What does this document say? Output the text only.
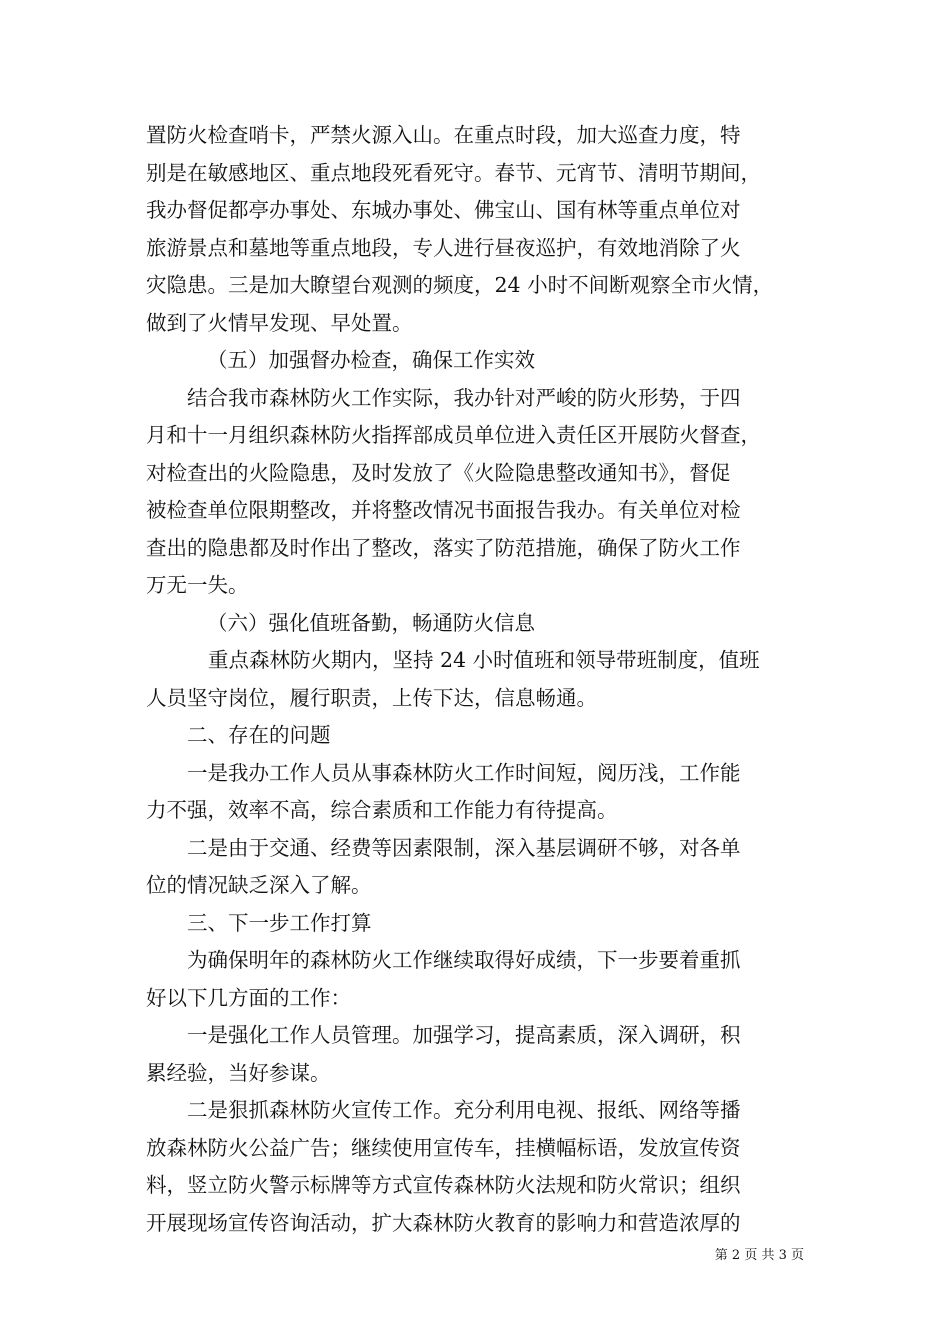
置防火检查哨卡，严禁火源入山。在重点时段，加大巡查力度，特
别是在敏感地区、重点地段死看死守。春节、元宵节、清明节期间，
我办督促都亭办事处、东城办事处、佛宝山、国有林等重点单位对
旅游景点和墓地等重点地段，专人进行昼夜巡护，有效地消除了火
灾隐患。三是加大瞭望台观测的频度，24 小时不间断观察全市火情，
做到了火情早发现、早处置。
（五）加强督办检查，确保工作实效
结合我市森林防火工作实际，我办针对严峻的防火形势，于四
月和十一月组织森林防火指挥部成员单位进入责任区开展防火督查，
对检查出的火险隐患，及时发放了《火险隐患整改通知书》，督促
被检查单位限期整改，并将整改情况书面报告我办。有关单位对检
查出的隐患都及时作出了整改，落实了防范措施，确保了防火工作
万无一失。
（六）强化值班备勤，畅通防火信息
重点森林防火期内，坚持 24 小时值班和领导带班制度，值班
人员坚守岗位，履行职责，上传下达，信息畅通。
二、存在的问题
一是我办工作人员从事森林防火工作时间短，阅历浅，工作能
力不强，效率不高，综合素质和工作能力有待提高。
二是由于交通、经费等因素限制，深入基层调研不够，对各单
位的情况缺乏深入了解。
三、下一步工作打算
为确保明年的森林防火工作继续取得好成绩，下一步要着重抓
好以下几方面的工作：
一是强化工作人员管理。加强学习，提高素质，深入调研，积
累经验，当好参谋。
二是狠抓森林防火宣传工作。充分利用电视、报纸、网络等播
放森林防火公益广告；继续使用宣传车，挂横幅标语，发放宣传资
料，竖立防火警示标牌等方式宣传森林防火法规和防火常识；组织
开展现场宣传咨询活动，扩大森林防火教育的影响力和营造浓厚的
第 2 页 共 3 页
